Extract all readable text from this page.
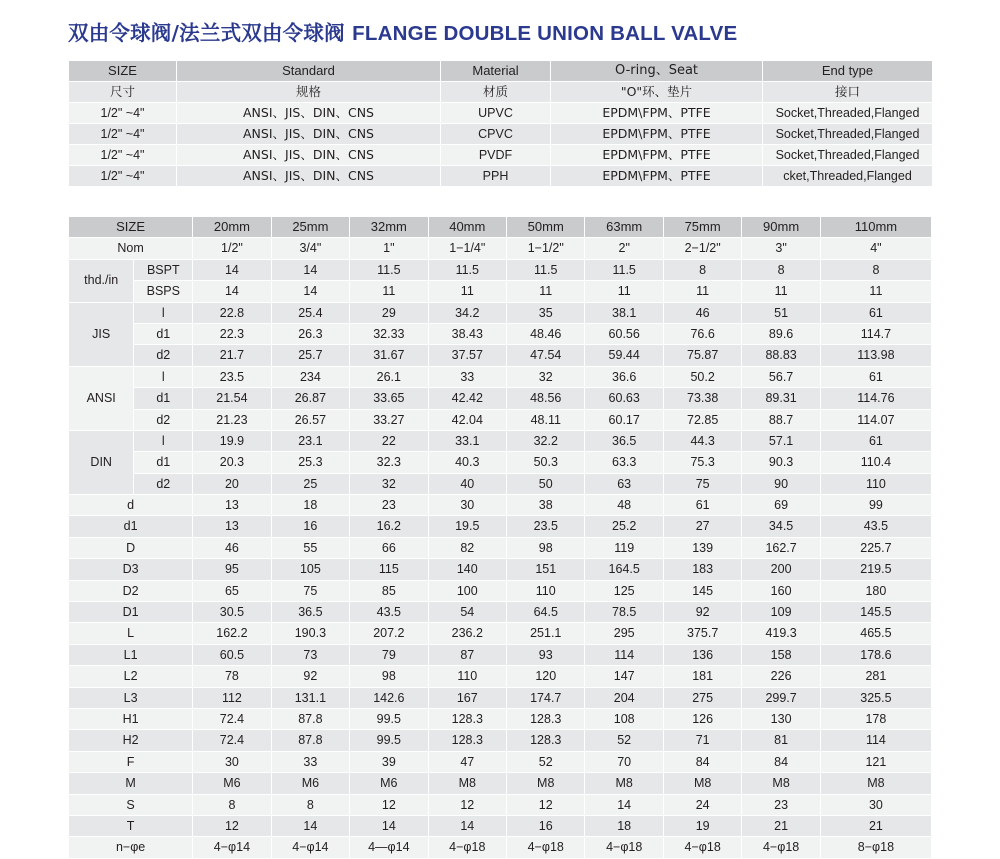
双由令球阀/法兰式双由令球阀 FLANGE DOUBLE UNION BALL VALVE
SIZE	Standard	Material	O-ring、Seat	End type
尺寸	规格	材质	"O"环、垫片	接口
1/2" ~4"	ANSI、JIS、DIN、CNS	UPVC	EPDM\FPM、PTFE	Socket,Threaded,Flanged
1/2" ~4"	ANSI、JIS、DIN、CNS	CPVC	EPDM\FPM、PTFE	Socket,Threaded,Flanged
1/2" ~4"	ANSI、JIS、DIN、CNS	PVDF	EPDM\FPM、PTFE	Socket,Threaded,Flanged
1/2" ~4"	ANSI、JIS、DIN、CNS	PPH	EPDM\FPM、PTFE	cket,Threaded,Flanged
SIZE		20mm	25mm	32mm	40mm	50mm	63mm	75mm	90mm	110mm
Nom		1/2"	3/4"	1"	1−1/4"	1−1/2"	2"	2−1/2"	3"	4"
thd./in	BSPT	14	14	11.5	11.5	11.5	11.5	8	8	8
	BSPS	14	14	11	11	11	11	11	11	11
JIS	l	22.8	25.4	29	34.2	35	38.1	46	51	61
	d1	22.3	26.3	32.33	38.43	48.46	60.56	76.6	89.6	114.7
	d2	21.7	25.7	31.67	37.57	47.54	59.44	75.87	88.83	113.98
ANSI	l	23.5	234	26.1	33	32	36.6	50.2	56.7	61
	d1	21.54	26.87	33.65	42.42	48.56	60.63	73.38	89.31	114.76
	d2	21.23	26.57	33.27	42.04	48.11	60.17	72.85	88.7	114.07
DIN	l	19.9	23.1	22	33.1	32.2	36.5	44.3	57.1	61
	d1	20.3	25.3	32.3	40.3	50.3	63.3	75.3	90.3	110.4
	d2	20	25	32	40	50	63	75	90	110
d		13	18	23	30	38	48	61	69	99
d1		13	16	16.2	19.5	23.5	25.2	27	34.5	43.5
D		46	55	66	82	98	119	139	162.7	225.7
D3		95	105	115	140	151	164.5	183	200	219.5
D2		65	75	85	100	110	125	145	160	180
D1		30.5	36.5	43.5	54	64.5	78.5	92	109	145.5
L		162.2	190.3	207.2	236.2	251.1	295	375.7	419.3	465.5
L1		60.5	73	79	87	93	114	136	158	178.6
L2		78	92	98	110	120	147	181	226	281
L3		112	131.1	142.6	167	174.7	204	275	299.7	325.5
H1		72.4	87.8	99.5	128.3	128.3	108	126	130	178
H2		72.4	87.8	99.5	128.3	128.3	52	71	81	114
F		30	33	39	47	52	70	84	84	121
M		M6	M6	M6	M8	M8	M8	M8	M8	M8
S		8	8	12	12	12	14	24	23	30
T		12	14	14	14	16	18	19	21	21
n−φe		4−φ14	4−φ14	4—φ14	4−φ18	4−φ18	4−φ18	4−φ18	4−φ18	8−φ18
